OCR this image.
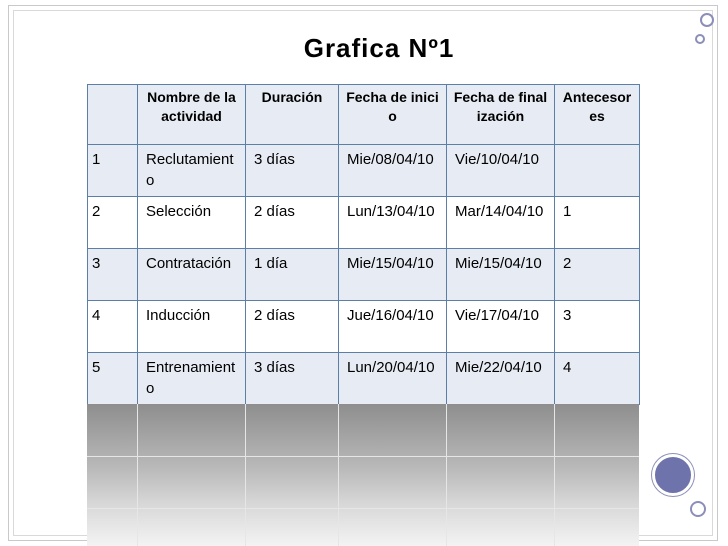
Grafica Nº1
	Nombre de la actividad	Duración	Fecha de inicio	Fecha de finalización	Antecesores
1	Reclutamiento	3 días	Mie/08/04/10	Vie/10/04/10	
2	Selección	2 días	Lun/13/04/10	Mar/14/04/10	1
3	Contratación	1 día	Mie/15/04/10	Mie/15/04/10	2
4	Inducción	2 días	Jue/16/04/10	Vie/17/04/10	3
5	Entrenamiento	3 días	Lun/20/04/10	Mie/22/04/10	4
